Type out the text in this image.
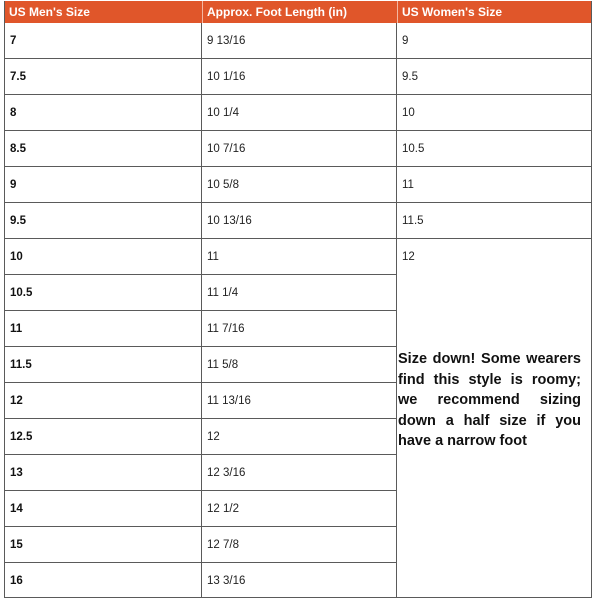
US Men's Size	Approx. Foot Length (in)	US Women's Size
7	9 13/16	9
7.5	10 1/16	9.5
8	10 1/4	10
8.5	10 7/16	10.5
9	10 5/8	11
9.5	10 13/16	11.5
10	11	12
10.5	11 1/4
11	11 7/16
11.5	11 5/8
12	11 13/16
12.5	12
13	12 3/16
14	12 1/2
15	12 7/8
16	13 3/16
Size down! Some wearers find this style is roomy; we recommend sizing down a half size if you have a narrow foot
